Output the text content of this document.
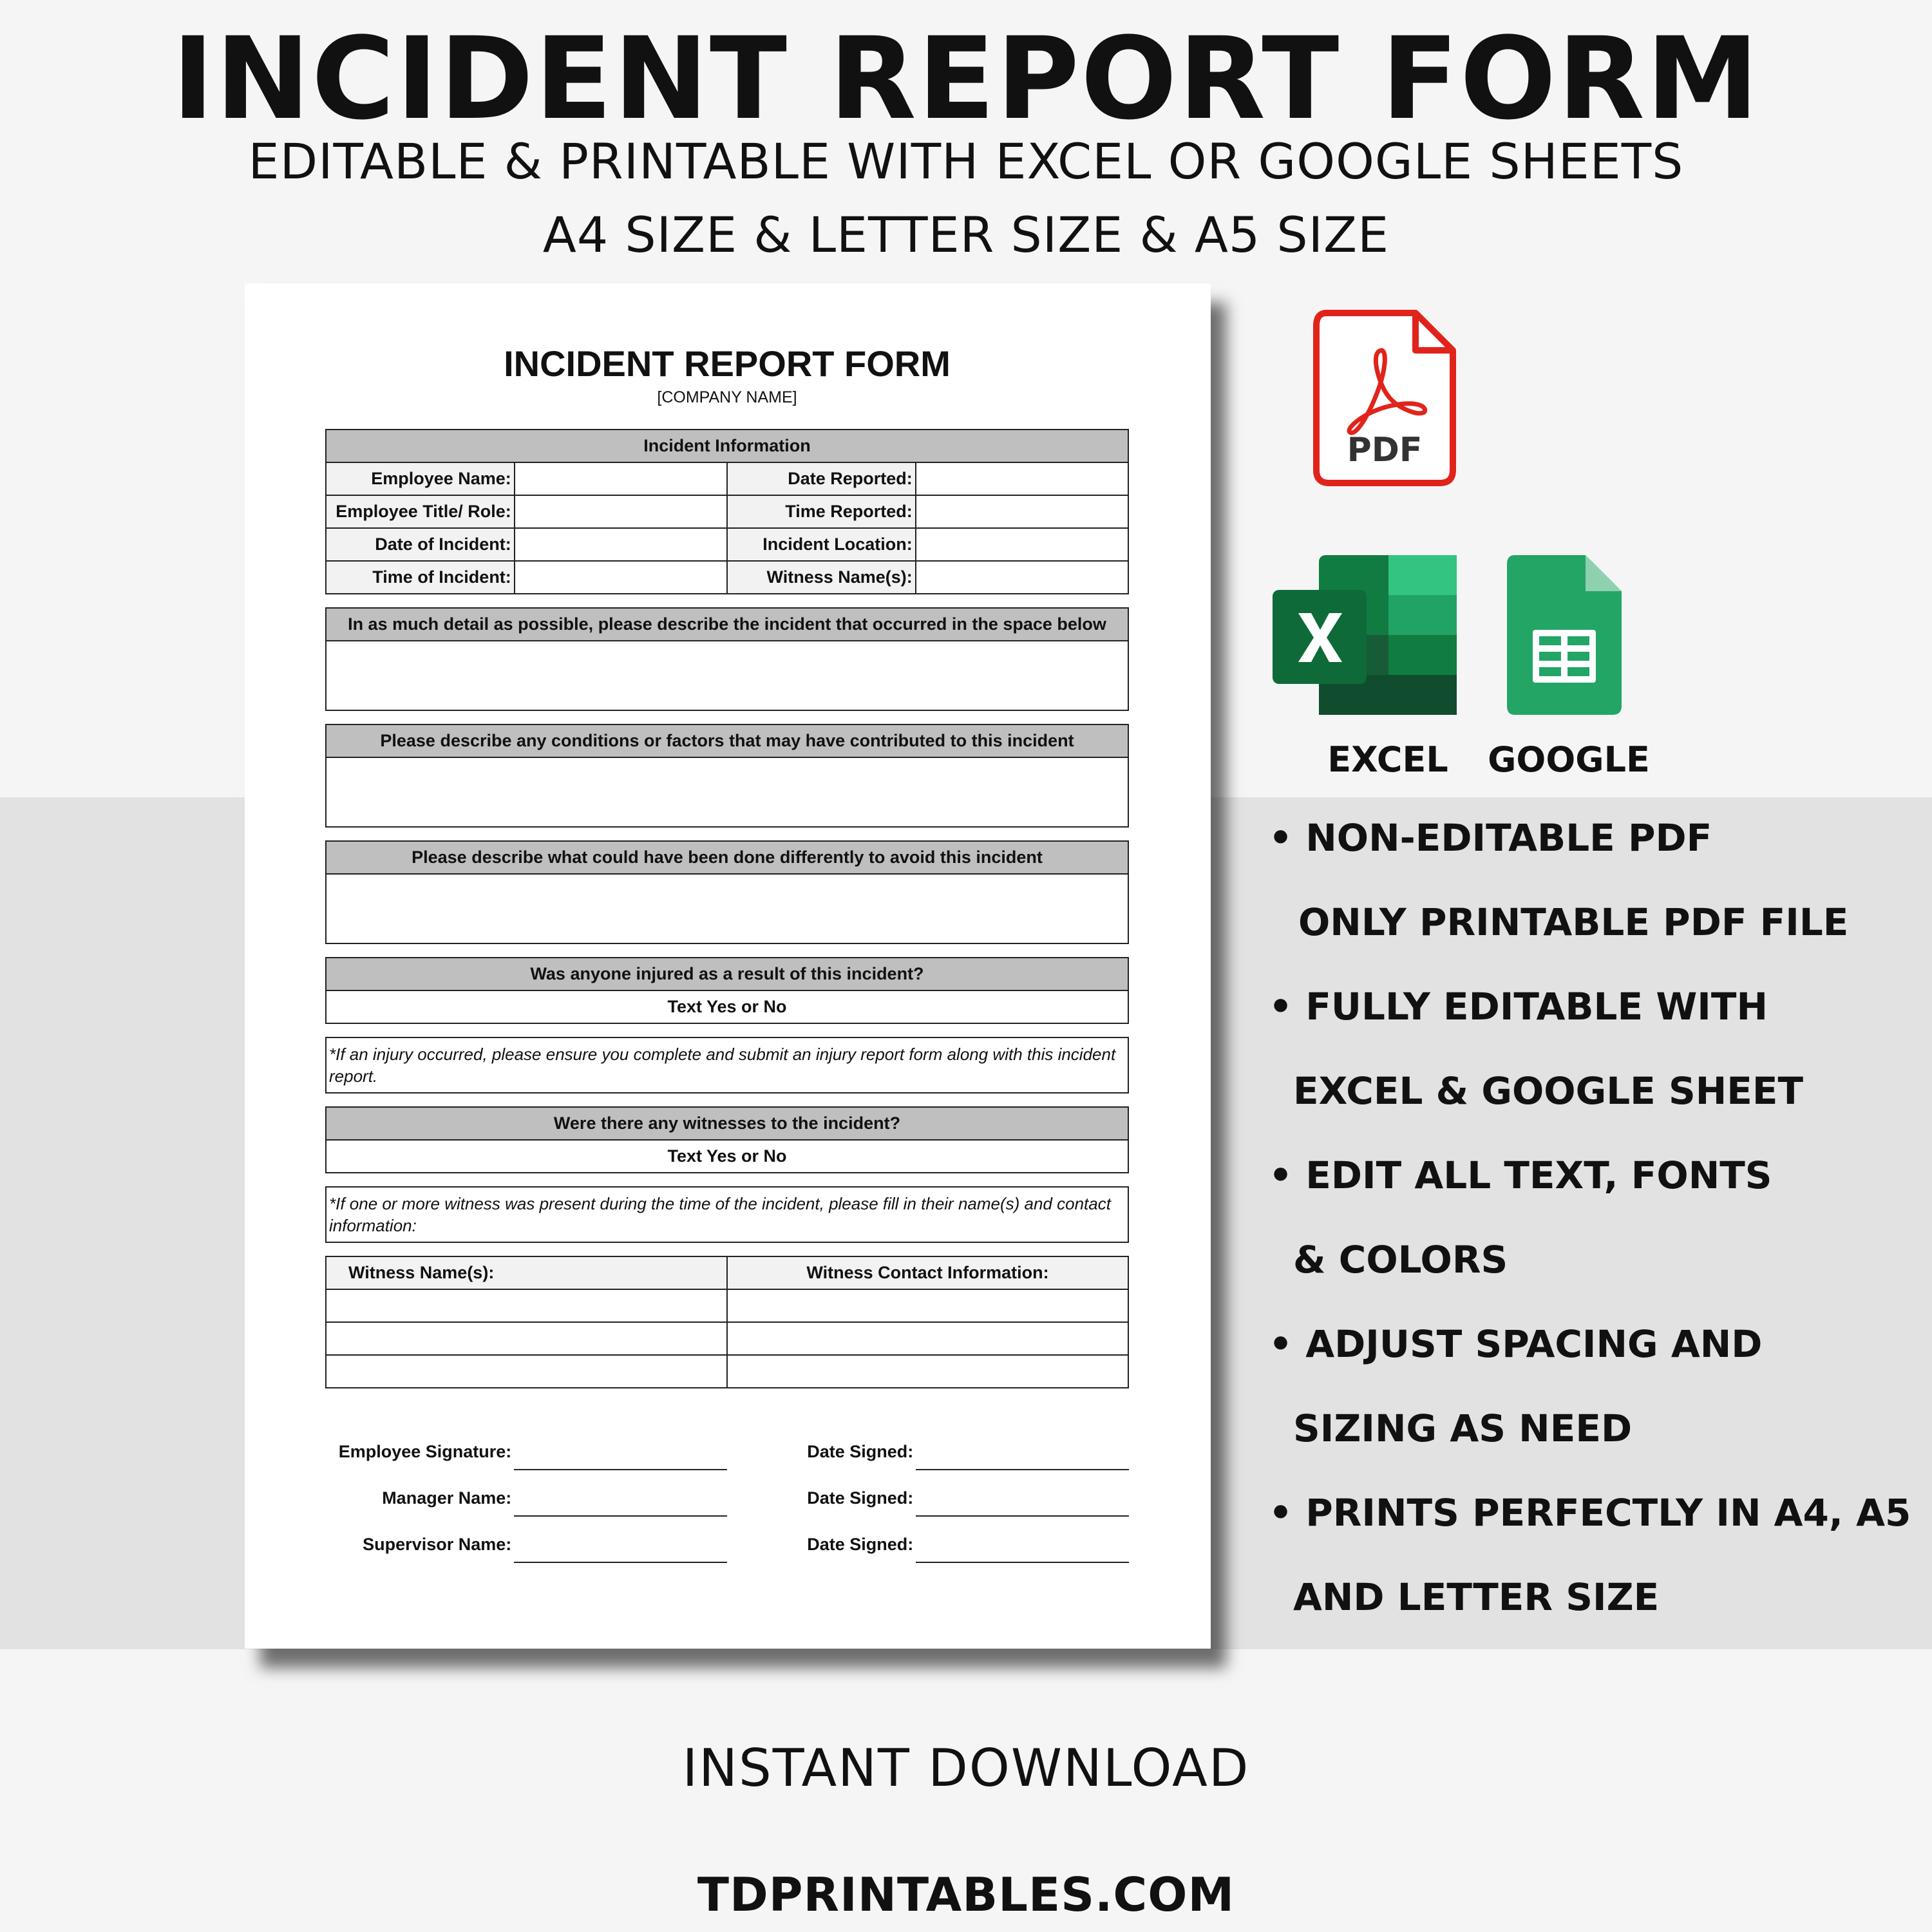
INCIDENT REPORT FORM
EDITABLE & PRINTABLE WITH EXCEL OR GOOGLE SHEETS
A4 SIZE & LETTER SIZE & A5 SIZE
INCIDENT REPORT FORM
[COMPANY NAME]
Incident Information			
Employee Name:		Date Reported:	
Employee Title/ Role:		Time Reported:	
Date of Incident:		Incident Location:	
Time of Incident:		Witness Name(s):	
In as much detail as possible, please describe the incident that occurred in the space below

Please describe any conditions or factors that may have contributed to this incident

Please describe what could have been done differently to avoid this incident

Was anyone injured as a result of this incident?
Text Yes or No
*If an injury occurred, please ensure you complete and submit an injury report form along with this incident report.
Were there any witnesses to the incident?
Text Yes or No
*If one or more witness was present during the time of the incident, please fill in their name(s) and contact information:
Witness Name(s):	Witness Contact Information:

Employee Signature:		Date Signed:	
Manager Name:		Date Signed:	
Supervisor Name:		Date Signed:	
PDF
EXCEL	GOOGLE
• NON-EDITABLE PDF
ONLY PRINTABLE PDF FILE
• FULLY EDITABLE WITH
EXCEL & GOOGLE SHEET
• EDIT ALL TEXT, FONTS
& COLORS
• ADJUST SPACING AND
SIZING AS NEED
• PRINTS PERFECTLY IN A4, A5
AND LETTER SIZE
INSTANT DOWNLOAD
TDPRINTABLES.COM
